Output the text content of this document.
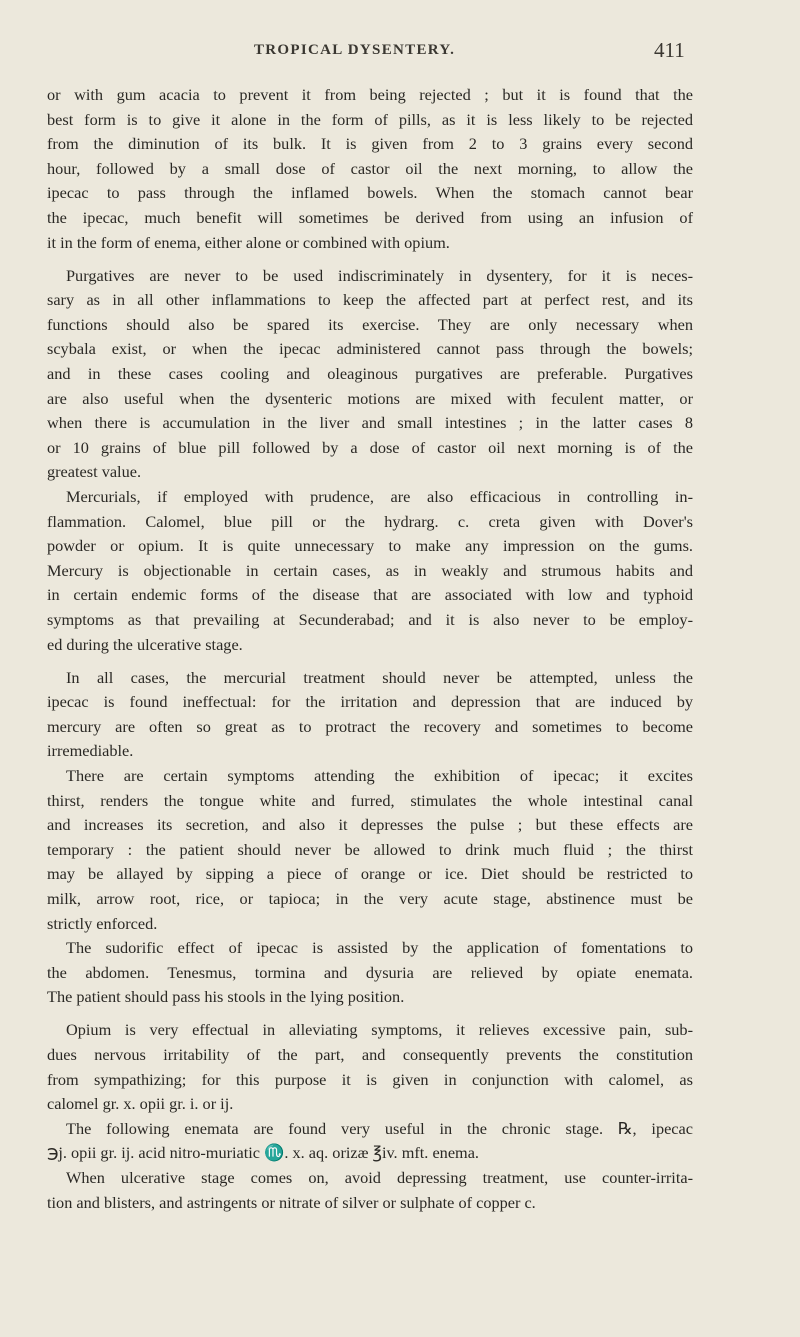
TROPICAL DYSENTERY.	411
or with gum acacia to prevent it from being rejected ; but it is found that the
best form is to give it alone in the form of pills, as it is less likely to be rejected
from the diminution of its bulk. It is given from 2 to 3 grains every second
hour, followed by a small dose of castor oil the next morning, to allow the
ipecac to pass through the inflamed bowels. When the stomach cannot bear
the ipecac, much benefit will sometimes be derived from using an infusion of
it in the form of enema, either alone or combined with opium.
Purgatives are never to be used indiscriminately in dysentery, for it is neces-
sary as in all other inflammations to keep the affected part at perfect rest, and its
functions should also be spared its exercise. They are only necessary when
scybala exist, or when the ipecac administered cannot pass through the bowels;
and in these cases cooling and oleaginous purgatives are preferable. Purgatives
are also useful when the dysenteric motions are mixed with feculent matter, or
when there is accumulation in the liver and small intestines ; in the latter cases 8
or 10 grains of blue pill followed by a dose of castor oil next morning is of the
greatest value.
Mercurials, if employed with prudence, are also efficacious in controlling in-
flammation. Calomel, blue pill or the hydrarg. c. creta given with Dover's
powder or opium. It is quite unnecessary to make any impression on the gums.
Mercury is objectionable in certain cases, as in weakly and strumous habits and
in certain endemic forms of the disease that are associated with low and typhoid
symptoms as that prevailing at Secunderabad; and it is also never to be employ-
ed during the ulcerative stage.
In all cases, the mercurial treatment should never be attempted, unless the
ipecac is found ineffectual: for the irritation and depression that are induced by
mercury are often so great as to protract the recovery and sometimes to become
irremediable.
There are certain symptoms attending the exhibition of ipecac; it excites
thirst, renders the tongue white and furred, stimulates the whole intestinal canal
and increases its secretion, and also it depresses the pulse ; but these effects are
temporary : the patient should never be allowed to drink much fluid ; the thirst
may be allayed by sipping a piece of orange or ice. Diet should be restricted to
milk, arrow root, rice, or tapioca; in the very acute stage, abstinence must be
strictly enforced.
The sudorific effect of ipecac is assisted by the application of fomentations to
the abdomen. Tenesmus, tormina and dysuria are relieved by opiate enemata.
The patient should pass his stools in the lying position.
Opium is very effectual in alleviating symptoms, it relieves excessive pain, sub-
dues nervous irritability of the part, and consequently prevents the constitution
from sympathizing; for this purpose it is given in conjunction with calomel, as
calomel gr. x. opii gr. i. or ij.
The following enemata are found very useful in the chronic stage. ℞, ipecac
℈j. opii gr. ij. acid nitro-muriatic ♏. x. aq. orizæ ℥iv. mft. enema.
When ulcerative stage comes on, avoid depressing treatment, use counter-irrita-
tion and blisters, and astringents or nitrate of silver or sulphate of copper c.
